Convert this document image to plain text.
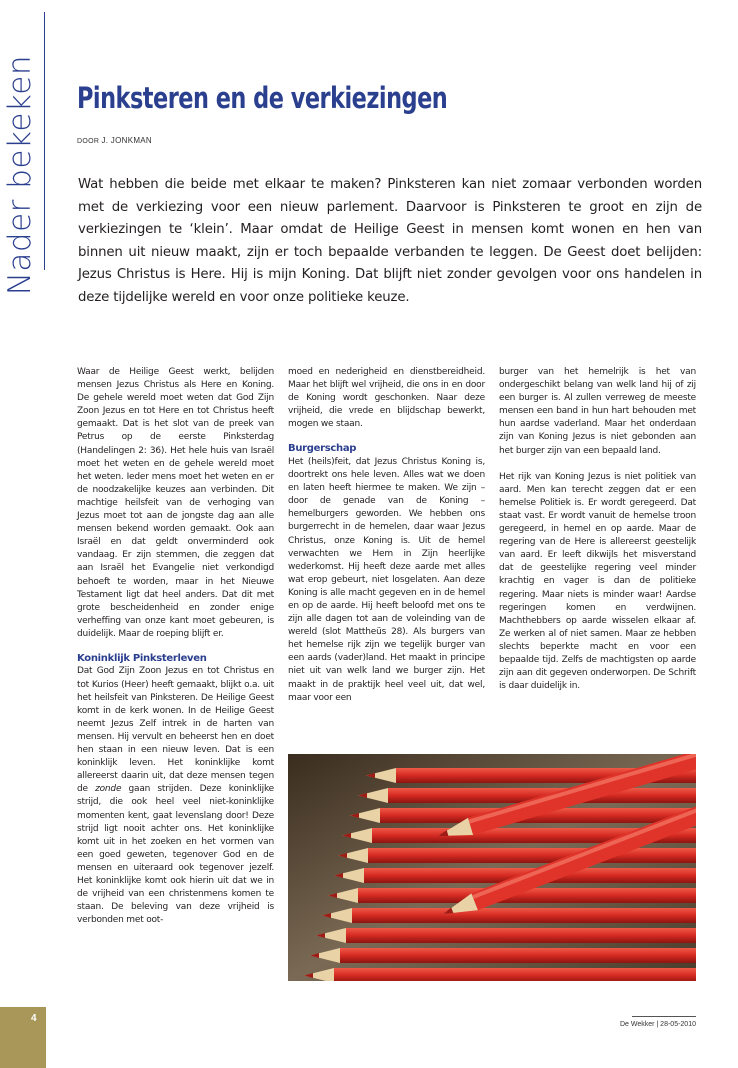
Nader bekeken Pinksteren en de verkiezingen
DOOR J. JONKMAN

Wat hebben die beide met elkaar te maken? Pinksteren kan niet zomaar verbonden worden met de verkiezing voor een nieuw parlement. Daarvoor is Pinksteren te groot en zijn de verkiezingen te ‘klein’. Maar omdat de Heilige Geest in mensen komt wonen en hen van binnen uit nieuw maakt, zijn er toch bepaalde verbanden te leggen. De Geest doet belijden: Jezus Christus is Here. Hij is mijn Koning. Dat blijft niet zonder gevolgen voor ons handelen in deze tijdelijke wereld en voor onze politieke keuze.

Waar de Heilige Geest werkt, belijden mensen Jezus Christus als Here en Koning. De gehele wereld moet weten dat God Zijn Zoon Jezus en tot Here en tot Christus heeft gemaakt. Dat is het slot van de preek van Petrus op de eerste Pinksterdag (Handelingen 2: 36). Het hele huis van Israël moet het weten en de gehele wereld moet het weten. Ieder mens moet het weten en er de noodzakelijke keuzes aan verbinden. Dit machtige heilsfeit van de verhoging van Jezus moet tot aan de jongste dag aan alle mensen bekend worden gemaakt. Ook aan Israël en dat geldt onverminderd ook vandaag. Er zijn stemmen, die zeggen dat aan Israël het Evangelie niet verkondigd behoeft te worden, maar in het Nieuwe Testament ligt dat heel anders. Dat dit met grote bescheidenheid en zonder enige verheffing van onze kant moet gebeuren, is duidelijk. Maar de roeping blijft er.

Koninklijk Pinksterleven

Dat God Zijn Zoon Jezus en tot Christus en tot Kurios (Heer) heeft gemaakt, blijkt o.a. uit het heilsfeit van Pinksteren. De Heilige Geest komt in de kerk wonen. In de Heilige Geest neemt Jezus Zelf intrek in de harten van mensen. Hij vervult en beheerst hen en doet hen staan in een nieuw leven. Dat is een koninklijk leven. Het koninklijke komt allereerst daarin uit, dat deze mensen tegen de zonde gaan strijden. Deze koninklijke strijd, die ook heel veel niet-koninklijke momenten kent, gaat levenslang door! Deze strijd ligt nooit achter ons. Het koninklijke komt uit in het zoeken en het vormen van een goed geweten, tegenover God en de mensen en uiteraard ook tegenover jezelf. Het koninklijke komt ook hierin uit dat we in de vrijheid van een christenmens komen te staan. De beleving van deze vrijheid is verbonden met oot-

moed en nederigheid en dienstbereidheid. Maar het blijft wel vrijheid, die ons in en door de Koning wordt geschonken. Naar deze vrijheid, die vrede en blijdschap bewerkt, mogen we staan.

Burgerschap

Het (heils)feit, dat Jezus Christus Koning is, doortrekt ons hele leven. Alles wat we doen en laten heeft hiermee te maken. We zijn – door de genade van de Koning – hemelburgers geworden. We hebben ons burgerrecht in de hemelen, daar waar Jezus Christus, onze Koning is. Uit de hemel verwachten we Hem in Zijn heerlijke wederkomst. Hij heeft deze aarde met alles wat erop gebeurt, niet losgelaten. Aan deze Koning is alle macht gegeven en in de hemel en op de aarde. Hij heeft beloofd met ons te zijn alle dagen tot aan de voleinding van de wereld (slot Mattheüs 28). Als burgers van het hemelse rijk zijn we tegelijk burger van een aards (vader)land. Het maakt in principe niet uit van welk land we burger zijn. Het maakt in de praktijk heel veel uit, dat wel, maar voor een

burger van het hemelrijk is het van ondergeschikt belang van welk land hij of zij een burger is. Al zullen verreweg de meeste mensen een band in hun hart behouden met hun aardse vaderland. Maar het onderdaan zijn van Koning Jezus is niet gebonden aan het burger zijn van een bepaald land.

Het rijk van Koning Jezus is niet politiek van aard. Men kan terecht zeggen dat er een hemelse Politiek is. Er wordt geregeerd. Dat staat vast. Er wordt vanuit de hemelse troon geregeerd, in hemel en op aarde. Maar de regering van de Here is allereerst geestelijk van aard. Er leeft dikwijls het misverstand dat de geestelijke regering veel minder krachtig en vager is dan de politieke regering. Maar niets is minder waar! Aardse regeringen komen en verdwijnen. Machthebbers op aarde wisselen elkaar af. Ze werken al of niet samen. Maar ze hebben slechts beperkte macht en voor een bepaalde tijd. Zelfs de machtigsten op aarde zijn aan dit gegeven onderworpen. De Schrift is daar duidelijk in.

4
De Wekker | 28-05-2010
